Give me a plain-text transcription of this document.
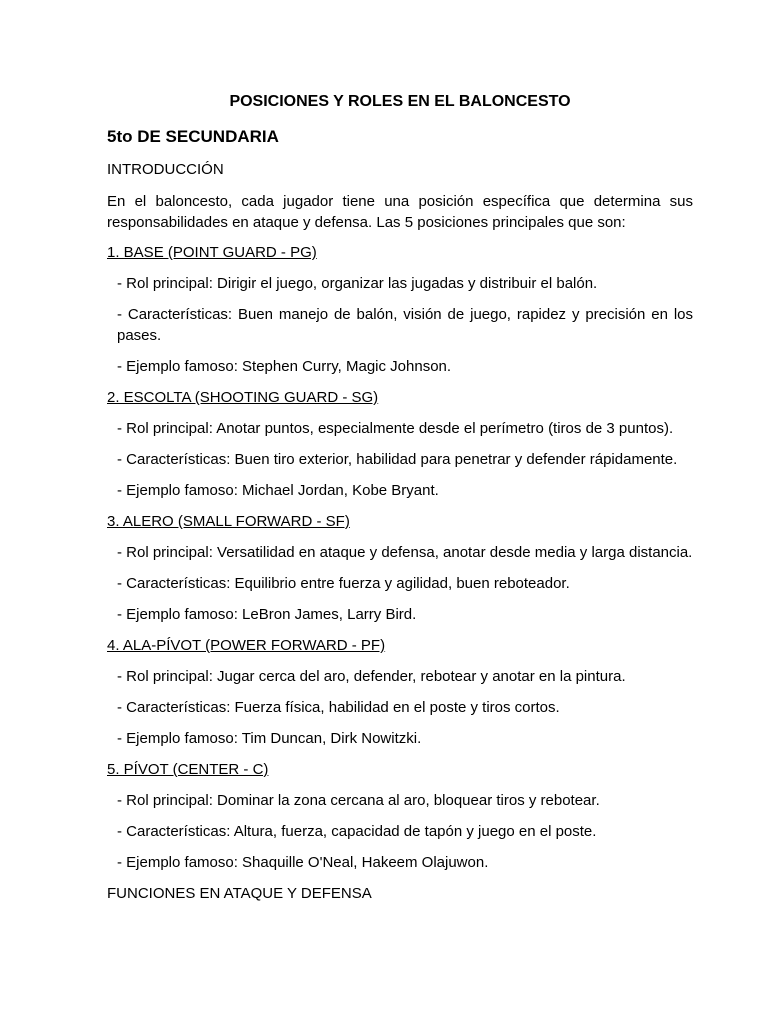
POSICIONES Y ROLES EN EL BALONCESTO
5to DE SECUNDARIA
INTRODUCCIÓN
En el baloncesto, cada jugador tiene una posición específica que determina sus responsabilidades en ataque y defensa. Las 5 posiciones principales que son:
1. BASE (POINT GUARD - PG)
- Rol principal: Dirigir el juego, organizar las jugadas y distribuir el balón.
- Características: Buen manejo de balón, visión de juego, rapidez y precisión en los pases.
- Ejemplo famoso: Stephen Curry, Magic Johnson.
2. ESCOLTA (SHOOTING GUARD - SG)
- Rol principal: Anotar puntos, especialmente desde el perímetro (tiros de 3 puntos).
- Características: Buen tiro exterior, habilidad para penetrar y defender rápidamente.
- Ejemplo famoso: Michael Jordan, Kobe Bryant.
3. ALERO (SMALL FORWARD - SF)
- Rol principal: Versatilidad en ataque y defensa, anotar desde media y larga distancia.
- Características: Equilibrio entre fuerza y agilidad, buen reboteador.
- Ejemplo famoso: LeBron James, Larry Bird.
4. ALA-PÍVOT (POWER FORWARD - PF)
- Rol principal: Jugar cerca del aro, defender, rebotear y anotar en la pintura.
- Características: Fuerza física, habilidad en el poste y tiros cortos.
- Ejemplo famoso: Tim Duncan, Dirk Nowitzki.
5. PÍVOT (CENTER - C)
- Rol principal: Dominar la zona cercana al aro, bloquear tiros y rebotear.
- Características: Altura, fuerza, capacidad de tapón y juego en el poste.
- Ejemplo famoso: Shaquille O'Neal, Hakeem Olajuwon.
FUNCIONES EN ATAQUE Y DEFENSA
